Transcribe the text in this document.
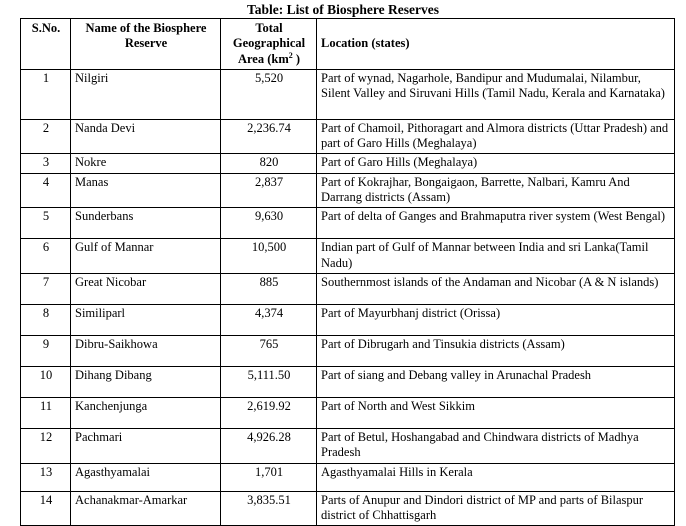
Table: List of Biosphere Reserves
S.No.	Name of the Biosphere Reserve	Total Geographical Area ($km^2$ )	Location (states)
1	Nilgiri	5,520	Part of wynad, Nagarhole, Bandipur and Mudumalai, Nilambur, Silent Valley and Siruvani Hills (Tamil Nadu, Kerala and Karnataka)
2	Nanda Devi	2,236.74	Part of Chamoil, Pithoragart and Almora districts (Uttar Pradesh) and part of Garo Hills (Meghalaya)
3	Nokre	820	Part of Garo Hills (Meghalaya)
4	Manas	2,837	Part of Kokrajhar, Bongaigaon, Barrette, Nalbari, Kamru And Darrang districts (Assam)
5	Sunderbans	9,630	Part of delta of Ganges and Brahmaputra river system (West Bengal)
6	Gulf of Mannar	10,500	Indian part of Gulf of Mannar between India and sri Lanka(Tamil Nadu)
7	Great Nicobar	885	Southernmost islands of the Andaman and Nicobar (A & N islands)
8	Similiparl	4,374	Part of Mayurbhanj district (Orissa)
9	Dibru-Saikhowa	765	Part of Dibrugarh and Tinsukia districts (Assam)
10	Dihang Dibang	5,111.50	Part of siang and Debang valley in Arunachal Pradesh
11	Kanchenjunga	2,619.92	Part of North and West Sikkim
12	Pachmari	4,926.28	Part of Betul, Hoshangabad and Chindwara districts of Madhya Pradesh
13	Agasthyamalai	1,701	Agasthyamalai Hills in Kerala
14	Achanakmar-Amarkar	3,835.51	Parts of Anupur and Dindori district of MP and parts of Bilaspur district of Chhattisgarh
